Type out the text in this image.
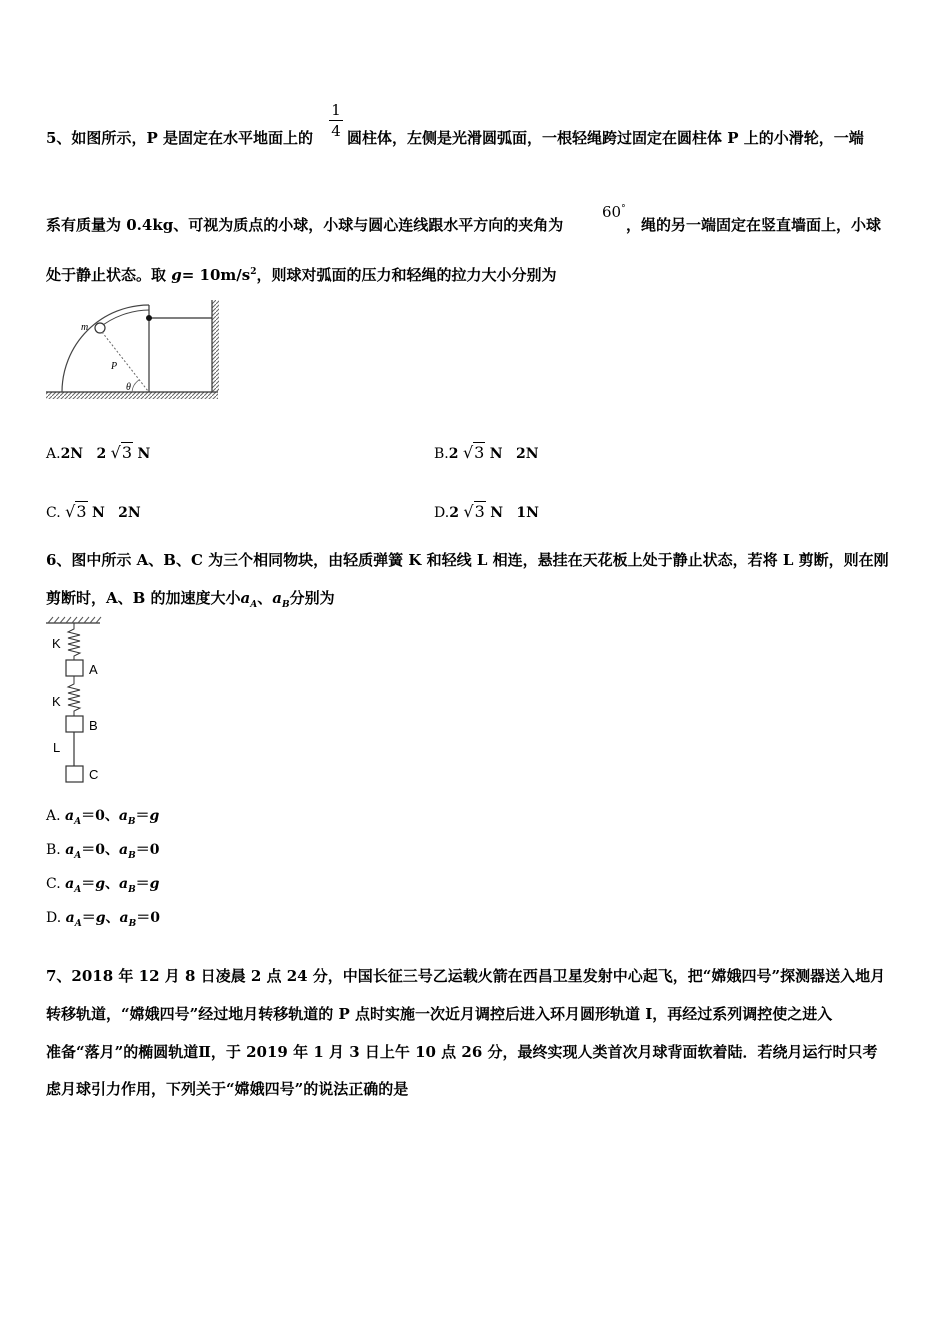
5、如图所示，P 是固定在水平地面上的
1
4 圆柱体，左侧是光滑圆弧面，一根轻绳跨过固定在圆柱体 P 上的小滑轮，一端
系有质量为 0.4kg、可视为质点的小球，小球与圆心连线跟水平方向的夹角为
60°
，绳的另一端固定在竖直墙面上，小球
处于静止状态。取 $g= 10m/s^2$，则球对弧面的压力和轻绳的拉力大小分别为
m
P
θ
A.2N 2 √3 N	B.2 √3 N 2N
C. √3 N 2N	D.2 √3 N 1N
6、图中所示 A、B、C 为三个相同物块，由轻质弹簧 K 和轻线 L 相连，悬挂在天花板上处于静止状态，若将 L 剪断，则在刚
剪断时，A、B 的加速度大小$a_A$、$a_B$分别为
K
A
K
B
L
C
A. $a_A=0$、$a_B=g$
B. $a_A=0$、$a_B=0$
C. $a_A=g$、$a_B=g$
D. $a_A=g$、$a_B=0$
7、2018 年 12 月 8 日凌晨 2 点 24 分，中国长征三号乙运载火箭在西昌卫星发射中心起飞，把“嫦娥四号”探测器送入地月
转移轨道，“嫦娥四号”经过地月转移轨道的 P 点时实施一次近月调控后进入环月圆形轨道 I，再经过系列调控使之进入
准备“落月”的椭圆轨道Ⅱ，于 2019 年 1 月 3 日上午 10 点 26 分，最终实现人类首次月球背面软着陆．若绕月运行时只考
虑月球引力作用，下列关于“嫦娥四号”的说法正确的是
